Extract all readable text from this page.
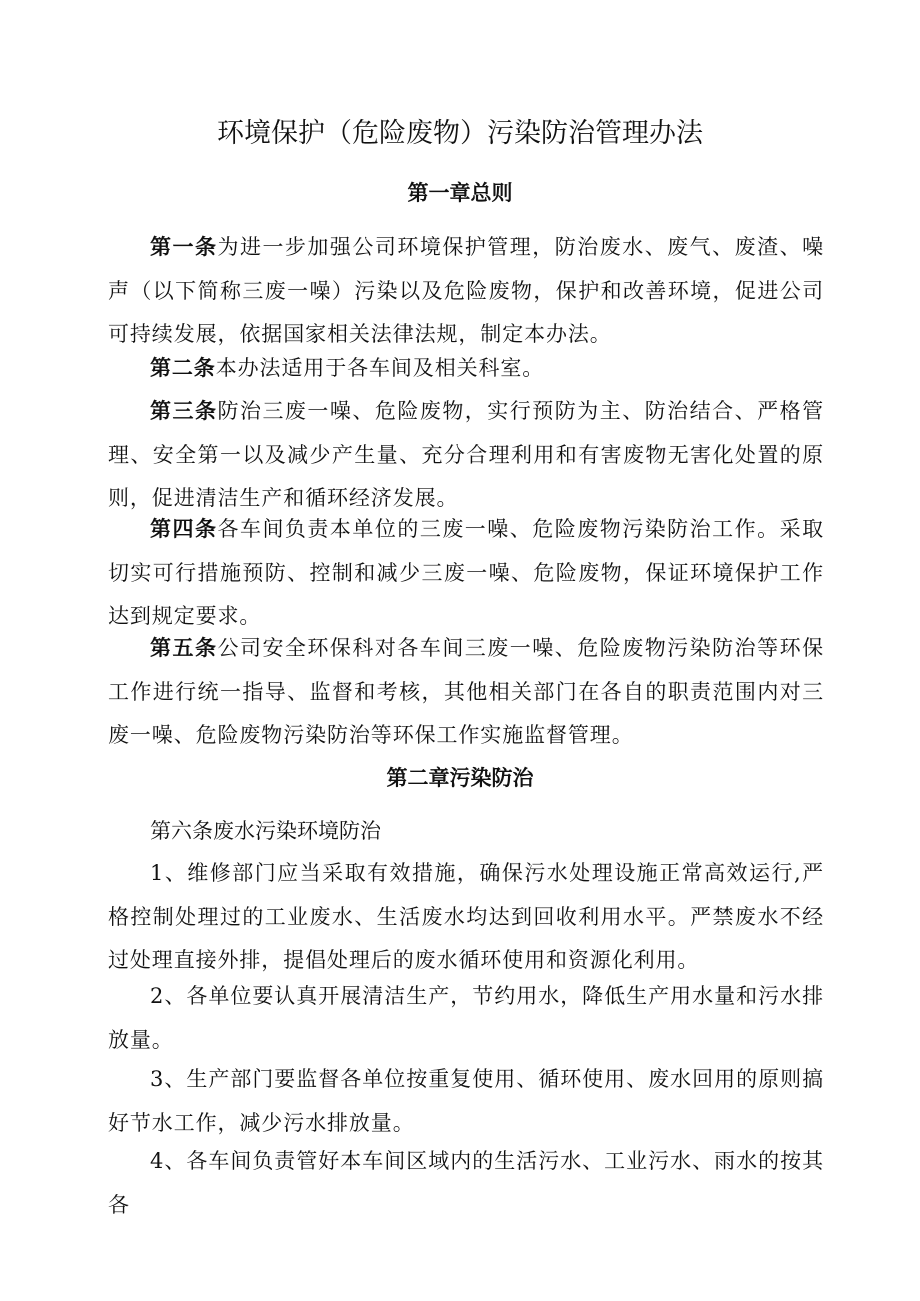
环境保护（危险废物）污染防治管理办法
第一章总则

第一条为进一步加强公司环境保护管理，防治废水、废气、废渣、噪声（以下简称三废一噪）污染以及危险废物，保护和改善环境，促进公司可持续发展，依据国家相关法律法规，制定本办法。

第二条本办法适用于各车间及相关科室。

第三条防治三废一噪、危险废物，实行预防为主、防治结合、严格管理、安全第一以及减少产生量、充分合理利用和有害废物无害化处置的原则，促进清洁生产和循环经济发展。

第四条各车间负责本单位的三废一噪、危险废物污染防治工作。采取切实可行措施预防、控制和减少三废一噪、危险废物，保证环境保护工作达到规定要求。

第五条公司安全环保科对各车间三废一噪、危险废物污染防治等环保工作进行统一指导、监督和考核，其他相关部门在各自的职责范围内对三废一噪、危险废物污染防治等环保工作实施监督管理。

第二章污染防治

第六条废水污染环境防治

1、维修部门应当采取有效措施，确保污水处理设施正常高效运行,严格控制处理过的工业废水、生活废水均达到回收利用水平。严禁废水不经过处理直接外排，提倡处理后的废水循环使用和资源化利用。

2、各单位要认真开展清洁生产，节约用水，降低生产用水量和污水排放量。

3、生产部门要监督各单位按重复使用、循环使用、废水回用的原则搞好节水工作，减少污水排放量。

4、各车间负责管好本车间区域内的生活污水、工业污水、雨水的按其各
